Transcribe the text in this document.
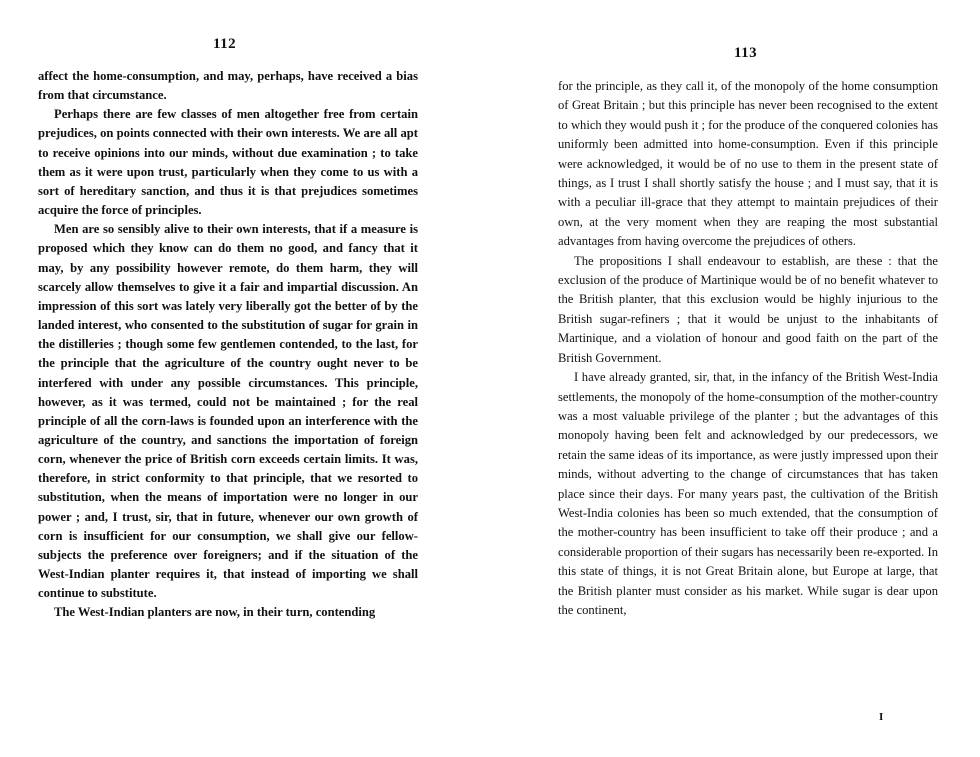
112

affect the home-consumption, and may, perhaps, have received a bias from that circumstance.

Perhaps there are few classes of men altogether free from certain prejudices, on points connected with their own interests. We are all apt to receive opinions into our minds, without due examination ; to take them as it were upon trust, particularly when they come to us with a sort of hereditary sanction, and thus it is that prejudices sometimes acquire the force of principles.

Men are so sensibly alive to their own interests, that if a measure is proposed which they know can do them no good, and fancy that it may, by any possibility however remote, do them harm, they will scarcely allow themselves to give it a fair and impartial discussion. An impression of this sort was lately very liberally got the better of by the landed interest, who consented to the substitution of sugar for grain in the distilleries ; though some few gentlemen contended, to the last, for the principle that the agriculture of the country ought never to be interfered with under any possible circumstances. This principle, however, as it was termed, could not be maintained ; for the real principle of all the corn-laws is founded upon an interference with the agriculture of the country, and sanctions the importation of foreign corn, whenever the price of British corn exceeds certain limits. It was, therefore, in strict conformity to that principle, that we resorted to substitution, when the means of importation were no longer in our power ; and, I trust, sir, that in future, whenever our own growth of corn is insufficient for our consumption, we shall give our fellow-subjects the preference over foreigners; and if the situation of the West-Indian planter requires it, that instead of importing we shall continue to substitute.

The West-Indian planters are now, in their turn, contending

113

for the principle, as they call it, of the monopoly of the home consumption of Great Britain ; but this principle has never been recognised to the extent to which they would push it ; for the produce of the conquered colonies has uniformly been admitted into home-consumption. Even if this principle were acknowledged, it would be of no use to them in the present state of things, as I trust I shall shortly satisfy the house ; and I must say, that it is with a peculiar ill-grace that they attempt to maintain prejudices of their own, at the very moment when they are reaping the most substantial advantages from having overcome the prejudices of others.

The propositions I shall endeavour to establish, are these : that the exclusion of the produce of Martinique would be of no benefit whatever to the British planter, that this exclusion would be highly injurious to the British sugar-refiners ; that it would be unjust to the inhabitants of Martinique, and a violation of honour and good faith on the part of the British Government.

I have already granted, sir, that, in the infancy of the British West-India settlements, the monopoly of the home-consumption of the mother-country was a most valuable privilege of the planter ; but the advantages of this monopoly having been felt and acknowledged by our predecessors, we retain the same ideas of its importance, as were justly impressed upon their minds, without adverting to the change of circumstances that has taken place since their days. For many years past, the cultivation of the British West-India colonies has been so much extended, that the consumption of the mother-country has been insufficient to take off their produce ; and a considerable proportion of their sugars has necessarily been re-exported. In this state of things, it is not Great Britain alone, but Europe at large, that the British planter must consider as his market. While sugar is dear upon the continent,

I
